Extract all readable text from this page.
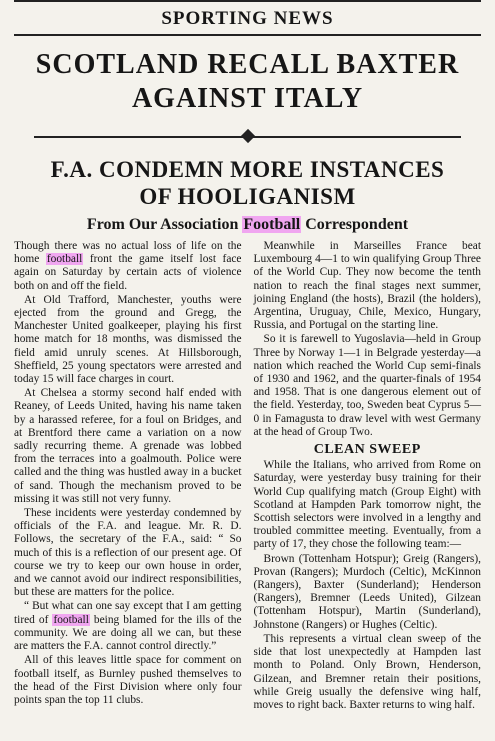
SPORTING NEWS
SCOTLAND RECALL BAXTER
AGAINST ITALY
F.A. CONDEMN MORE INSTANCES
OF HOOLIGANISM
From Our Association Football Correspondent

Though there was no actual loss of life on the home football front the game itself lost face again on Saturday by certain acts of violence both on and off the field.

At Old Trafford, Manchester, youths were ejected from the ground and Gregg, the Manchester United goalkeeper, playing his first home match for 18 months, was dismissed the field amid unruly scenes. At Hillsborough, Sheffield, 25 young spectators were arrested and today 15 will face charges in court.

At Chelsea a stormy second half ended with Reaney, of Leeds United, having his name taken by a harassed referee, for a foul on Bridges, and at Brentford there came a variation on a now sadly recurring theme. A grenade was lobbed from the terraces into a goalmouth. Police were called and the thing was hustled away in a bucket of sand. Though the mechanism proved to be missing it was still not very funny.

These incidents were yesterday condemned by officials of the F.A. and league. Mr. R. D. Follows, the secretary of the F.A., said: “ So much of this is a reflection of our present age. Of course we try to keep our own house in order, and we cannot avoid our indirect responsibilities, but these are matters for the police.

“ But what can one say except that I am getting tired of football being blamed for the ills of the community. We are doing all we can, but these are matters the F.A. cannot control directly.”

All of this leaves little space for comment on football itself, as Burnley pushed themselves to the head of the First Division where only four points span the top 11 clubs.

Meanwhile in Marseilles France beat Luxembourg 4—1 to win qualifying Group Three of the World Cup. They now become the tenth nation to reach the final stages next summer, joining England (the hosts), Brazil (the holders), Argentina, Uruguay, Chile, Mexico, Hungary, Russia, and Portugal on the starting line.

So it is farewell to Yugoslavia—held in Group Three by Norway 1—1 in Belgrade yesterday—a nation which reached the World Cup semi-finals of 1930 and 1962, and the quarter-finals of 1954 and 1958. That is one dangerous element out of the field. Yesterday, too, Sweden beat Cyprus 5—0 in Famagusta to draw level with west Germany at the head of Group Two.

CLEAN SWEEP

While the Italians, who arrived from Rome on Saturday, were yesterday busy training for their World Cup qualifying match (Group Eight) with Scotland at Hampden Park tomorrow night, the Scottish selectors were involved in a lengthy and troubled committee meeting. Eventually, from a party of 17, they chose the following team:—

Brown (Tottenham Hotspur); Greig (Rangers), Provan (Rangers); Murdoch (Celtic), McKinnon (Rangers), Baxter (Sunderland); Henderson (Rangers), Bremner (Leeds United), Gilzean (Tottenham Hotspur), Martin (Sunderland), Johnstone (Rangers) or Hughes (Celtic).

This represents a virtual clean sweep of the side that lost unexpectedly at Hampden last month to Poland. Only Brown, Henderson, Gilzean, and Bremner retain their positions, while Greig usually the defensive wing half, moves to right back. Baxter returns to wing half.
